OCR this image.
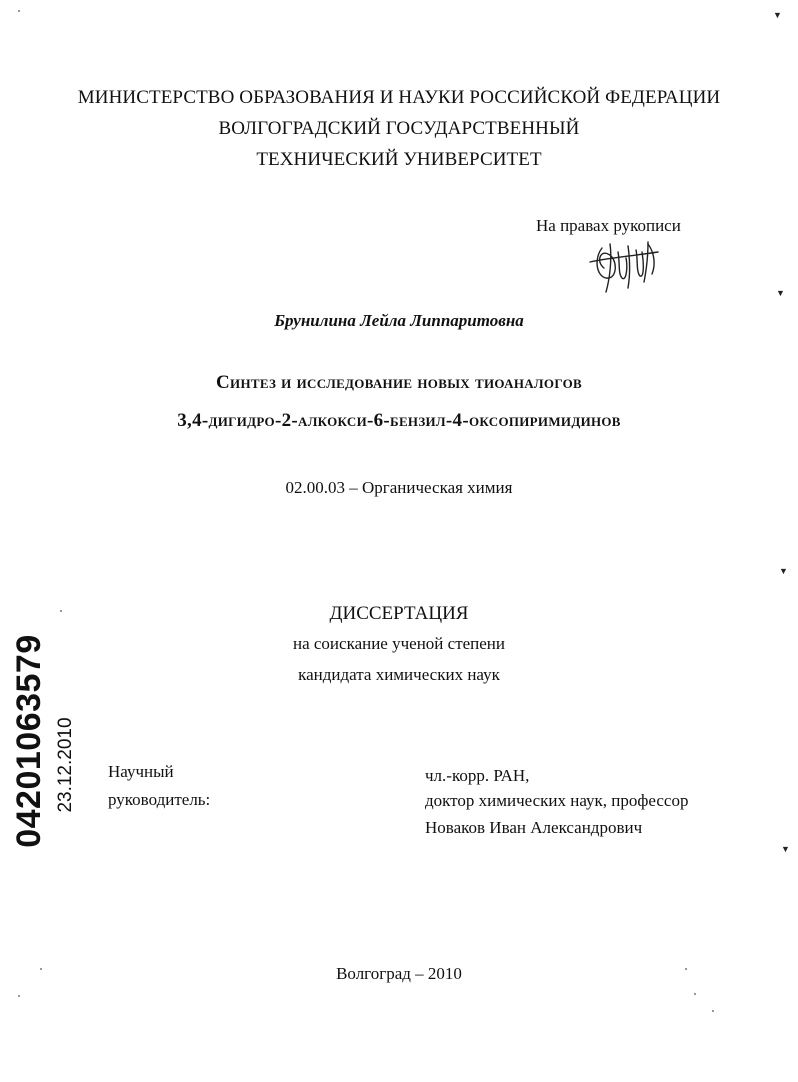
МИНИСТЕРСТВО ОБРАЗОВАНИЯ И НАУКИ РОССИЙСКОЙ ФЕДЕРАЦИИ
ВОЛГОГРАДСКИЙ ГОСУДАРСТВЕННЫЙ
ТЕХНИЧЕСКИЙ УНИВЕРСИТЕТ
На правах рукописи
Брунилина Лейла Липпаритовна
Синтез и исследование новых тиоаналогов
3,4-дигидро-2-алкокси-6-бензил-4-оксопиримидинов
02.00.03 – Органическая химия
ДИССЕРТАЦИЯ
на соискание ученой степени
кандидата химических наук
Научный
руководитель:
чл.-корр. РАН,
доктор химических наук, профессор
Новаков Иван Александрович
Волгоград – 2010
04201063579 23.12.2010
▼
▼
▼
▼
